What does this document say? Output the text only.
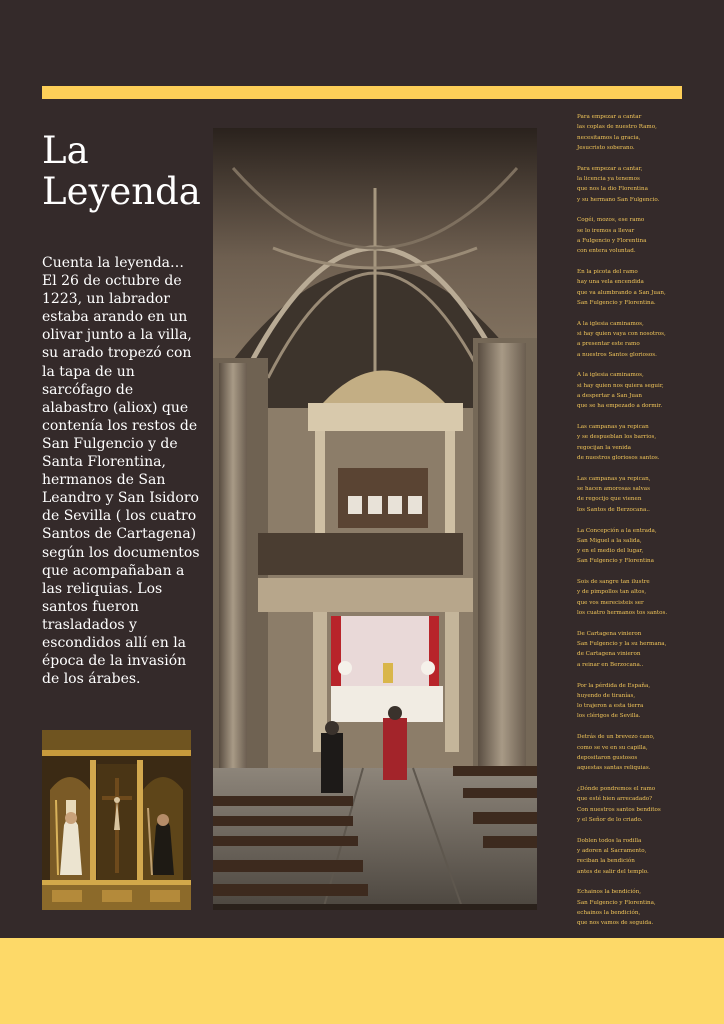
La
Leyenda

Cuenta la leyenda… El 26 de octubre de 1223, un labrador estaba arando en un olivar junto a la villa, su arado tropezó con la tapa de un sarcófago de alabastro (aliox) que contenía los restos de San Fulgencio y de Santa Florentina, hermanos de San Leandro y San Isidoro de Sevilla ( los cuatro Santos de Cartagena) según los documentos que acompañaban a las reliquias. Los santos fueron trasladados y escondidos allí en la época de la invasión de los árabes.

Para empezar a cantar
las coplas de nuestro Ramo,
necesitamos la gracia,
Jesucristo soberano.

Para empezar a cantar,
la licencia ya tenemos
que nos la dio Florentina
y su hermano San Fulgencio.

Cogéi, mozos, ese ramo
se lo iremos a llevar
a Fulgencio y Florentina
con entera voluntad.

En la picota del ramo
hay una vela encendida
que va alumbrando a San Juan,
San Fulgencio y Florentina.

A la iglesia caminamos,
si hay quien vaya con nosotros,
a presentar este ramo
a nuestros Santos gloriosos.

A la iglesia caminamos,
si hay quien nos quiera seguir,
a despertar a San Juan
que se ha empezado a dormir.

Las campanas ya repican
y se despueblan los barrios,
regocijan la venida
de nuestros gloriosos santos.

Las campanas ya repican,
se hacen amorosas salvas
de regocijo que vienen
los Santos de Berzocana..

La Concepción a la entrada,
San Miguel a la salida,
y en el medio del lugar,
San Fulgencio y Florentina

Sois de sangre tan ilustre
y de pimpollos tan altos,
que vos merecisteis ser
los cuatro hermanos tos santos.

De Cartagena vinieron
San Fulgencio y la su hermana,
de Cartagena vinieron
a reinar en Berzocana..

Por la pérdida de España,
huyendo de tiranías,
lo trajeron a esta tierra
los clérigos de Sevilla.

Detrás de un brevezo cano,
como se ve en su capilla,
depositaron gustosos
aquestas santas reliquias.

¿Dónde pondremos el ramo
que esté bien arrecadado?
Con nuestros santos benditos
y el Señor de lo criado.

Doblen todos la rodilla
y adoren al Sacramento,
reciban la bendición
antes de salir del templo.

Echainos la bendición,
San Fulgencio y Florentina,
echainos la bendición,
que nos vamos de seguida.
